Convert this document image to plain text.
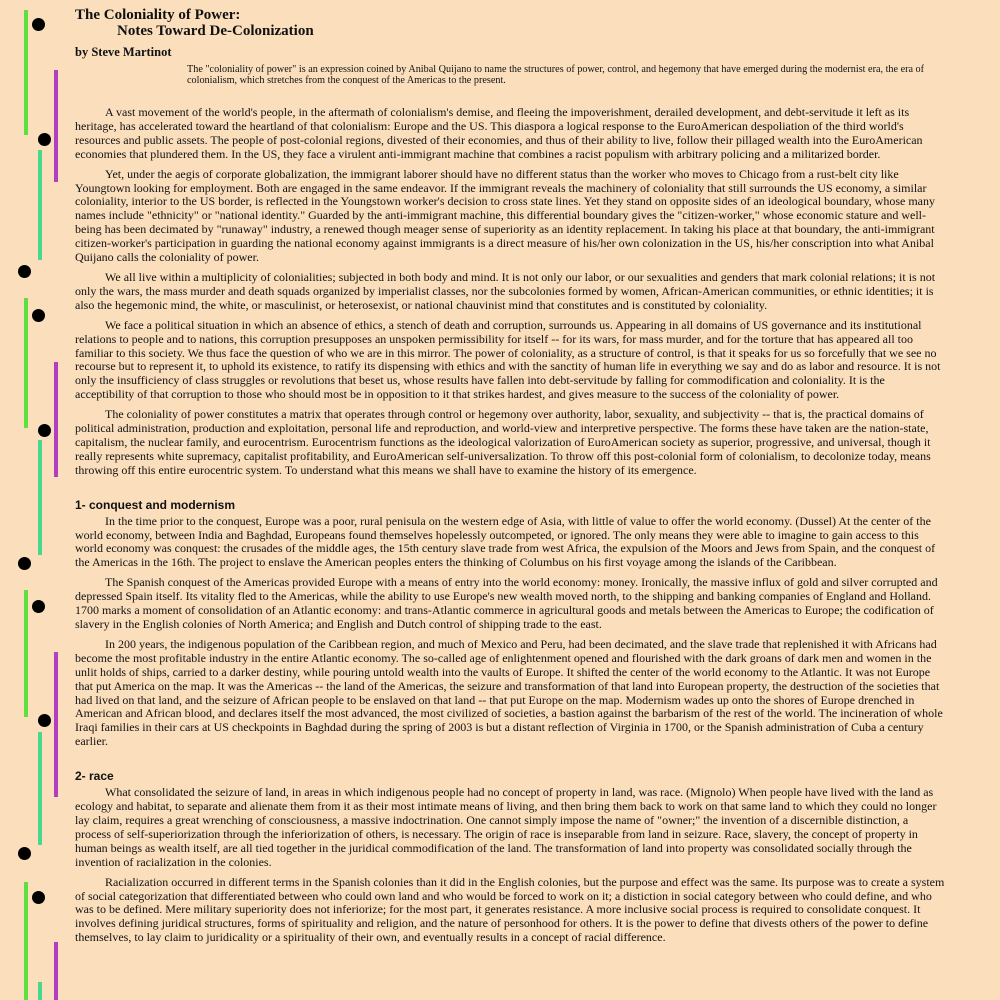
The Coloniality of Power:
Notes Toward De-Colonization
by Steve Martinot
The "coloniality of power" is an expression coined by Anibal Quijano to name the structures of power, control, and hegemony that have emerged during the modernist era, the era of colonialism, which stretches from the conquest of the Americas to the present.

A vast movement of the world's people, in the aftermath of colonialism's demise, and fleeing the impoverishment, derailed development, and debt-servitude it left as its heritage, has accelerated toward the heartland of that colonialism: Europe and the US. This diaspora a logical response to the EuroAmerican despoliation of the third world's resources and public assets. The people of post-colonial regions, divested of their economies, and thus of their ability to live, follow their pillaged wealth into the EuroAmerican economies that plundered them. In the US, they face a virulent anti-immigrant machine that combines a racist populism with arbitrary policing and a militarized border.

Yet, under the aegis of corporate globalization, the immigrant laborer should have no different status than the worker who moves to Chicago from a rust-belt city like Youngtown looking for employment. Both are engaged in the same endeavor. If the immigrant reveals the machinery of coloniality that still surrounds the US economy, a similar coloniality, interior to the US border, is reflected in the Youngstown worker's decision to cross state lines. Yet they stand on opposite sides of an ideological boundary, whose many names include "ethnicity" or "national identity." Guarded by the anti-immigrant machine, this differential boundary gives the "citizen-worker," whose economic stature and well-being has been decimated by "runaway" industry, a renewed though meager sense of superiority as an identity replacement. In taking his place at that boundary, the anti-immigrant citizen-worker's participation in guarding the national economy against immigrants is a direct measure of his/her own colonization in the US, his/her conscription into what Anibal Quijano calls the coloniality of power.

We all live within a multiplicity of colonialities; subjected in both body and mind. It is not only our labor, or our sexualities and genders that mark colonial relations; it is not only the wars, the mass murder and death squads organized by imperialist classes, nor the subcolonies formed by women, African-American communities, or ethnic identities; it is also the hegemonic mind, the white, or masculinist, or heterosexist, or national chauvinist mind that constitutes and is constituted by coloniality.

We face a political situation in which an absence of ethics, a stench of death and corruption, surrounds us. Appearing in all domains of US governance and its institutional relations to people and to nations, this corruption presupposes an unspoken permissibility for itself -- for its wars, for mass murder, and for the torture that has appeared all too familiar to this society. We thus face the question of who we are in this mirror. The power of coloniality, as a structure of control, is that it speaks for us so forcefully that we see no recourse but to represent it, to uphold its existence, to ratify its dispensing with ethics and with the sanctity of human life in everything we say and do as labor and resource. It is not only the insufficiency of class struggles or revolutions that beset us, whose results have fallen into debt-servitude by falling for commodification and coloniality. It is the acceptibility of that corruption to those who should most be in opposition to it that strikes hardest, and gives measure to the success of the coloniality of power.

The coloniality of power constitutes a matrix that operates through control or hegemony over authority, labor, sexuality, and subjectivity -- that is, the practical domains of political administration, production and exploitation, personal life and reproduction, and world-view and interpretive perspective. The forms these have taken are the nation-state, capitalism, the nuclear family, and eurocentrism. Eurocentrism functions as the ideological valorization of EuroAmerican society as superior, progressive, and universal, though it really represents white supremacy, capitalist profitability, and EuroAmerican self-universalization. To throw off this post-colonial form of colonialism, to decolonize today, means throwing off this entire eurocentric system. To understand what this means we shall have to examine the history of its emergence.

1- conquest and modernism

In the time prior to the conquest, Europe was a poor, rural penisula on the western edge of Asia, with little of value to offer the world economy. (Dussel) At the center of the world economy, between India and Baghdad, Europeans found themselves hopelessly outcompeted, or ignored. The only means they were able to imagine to gain access to this world economy was conquest: the crusades of the middle ages, the 15th century slave trade from west Africa, the expulsion of the Moors and Jews from Spain, and the conquest of the Americas in the 16th. The project to enslave the American peoples enters the thinking of Columbus on his first voyage among the islands of the Caribbean.

The Spanish conquest of the Americas provided Europe with a means of entry into the world economy: money. Ironically, the massive influx of gold and silver corrupted and depressed Spain itself. Its vitality fled to the Americas, while the ability to use Europe's new wealth moved north, to the shipping and banking companies of England and Holland. 1700 marks a moment of consolidation of an Atlantic economy: and trans-Atlantic commerce in agricultural goods and metals between the Americas to Europe; the codification of slavery in the English colonies of North America; and English and Dutch control of shipping trade to the east.

In 200 years, the indigenous population of the Caribbean region, and much of Mexico and Peru, had been decimated, and the slave trade that replenished it with Africans had become the most profitable industry in the entire Atlantic economy. The so-called age of enlightenment opened and flourished with the dark groans of dark men and women in the unlit holds of ships, carried to a darker destiny, while pouring untold wealth into the vaults of Europe. It shifted the center of the world economy to the Atlantic. It was not Europe that put America on the map. It was the Americas -- the land of the Americas, the seizure and transformation of that land into European property, the destruction of the societies that had lived on that land, and the seizure of African people to be enslaved on that land -- that put Europe on the map. Modernism wades up onto the shores of Europe drenched in American and African blood, and declares itself the most advanced, the most civilized of societies, a bastion against the barbarism of the rest of the world. The incineration of whole Iraqi families in their cars at US checkpoints in Baghdad during the spring of 2003 is but a distant reflection of Virginia in 1700, or the Spanish administration of Cuba a century earlier.

2- race

What consolidated the seizure of land, in areas in which indigenous people had no concept of property in land, was race. (Mignolo) When people have lived with the land as ecology and habitat, to separate and alienate them from it as their most intimate means of living, and then bring them back to work on that same land to which they could no longer lay claim, requires a great wrenching of consciousness, a massive indoctrination. One cannot simply impose the name of "owner;" the invention of a discernible distinction, a process of self-superiorization through the inferiorization of others, is necessary. The origin of race is inseparable from land in seizure. Race, slavery, the concept of property in human beings as wealth itself, are all tied together in the juridical commodification of the land. The transformation of land into property was consolidated socially through the invention of racialization in the colonies.

Racialization occurred in different terms in the Spanish colonies than it did in the English colonies, but the purpose and effect was the same. Its purpose was to create a system of social categorization that differentiated between who could own land and who would be forced to work on it; a distiction in social category between who could define, and who was to be defined. Mere military superiority does not inferiorize; for the most part, it generates resistance. A more inclusive social process is required to consolidate conquest. It involves defining juridical structures, forms of spirituality and religion, and the nature of personhood for others. It is the power to define that divests others of the power to define themselves, to lay claim to juridicality or a spirituality of their own, and eventually results in a concept of racial difference.
